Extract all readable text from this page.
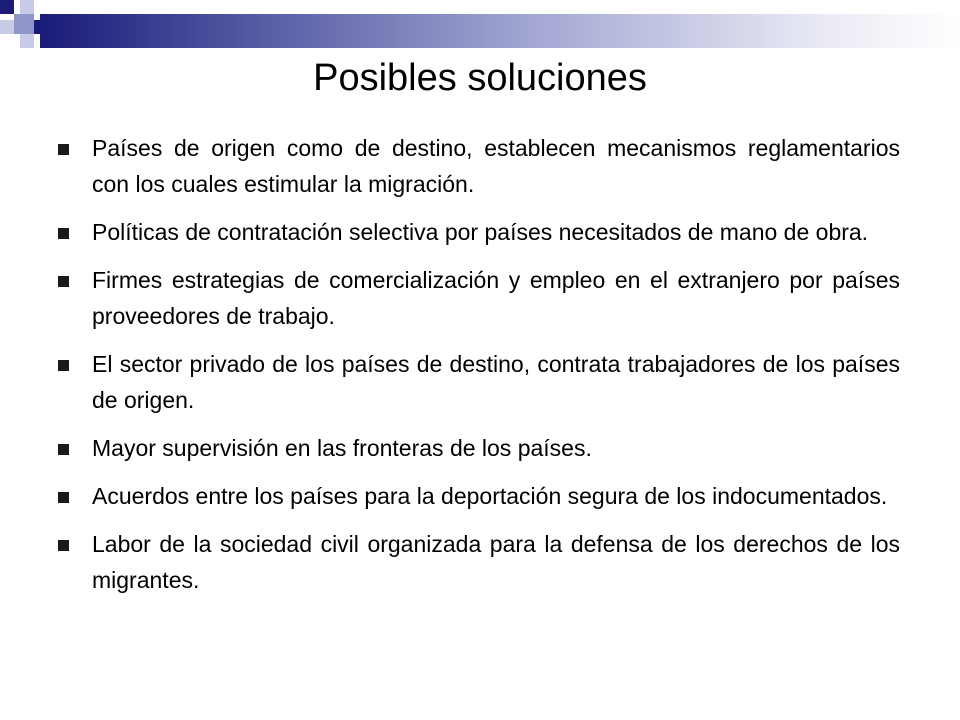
Posibles soluciones
Países de origen como de destino, establecen mecanismos reglamentarios con los cuales estimular la migración.
Políticas de contratación selectiva por países necesitados de mano de obra.
Firmes estrategias de comercialización y empleo en el extranjero por países proveedores de trabajo.
El sector privado de los países de destino, contrata trabajadores de los países de origen.
Mayor supervisión en las fronteras de los países.
Acuerdos entre los países para la deportación segura de los indocumentados.
Labor de la sociedad civil organizada para la defensa de los derechos de los migrantes.
